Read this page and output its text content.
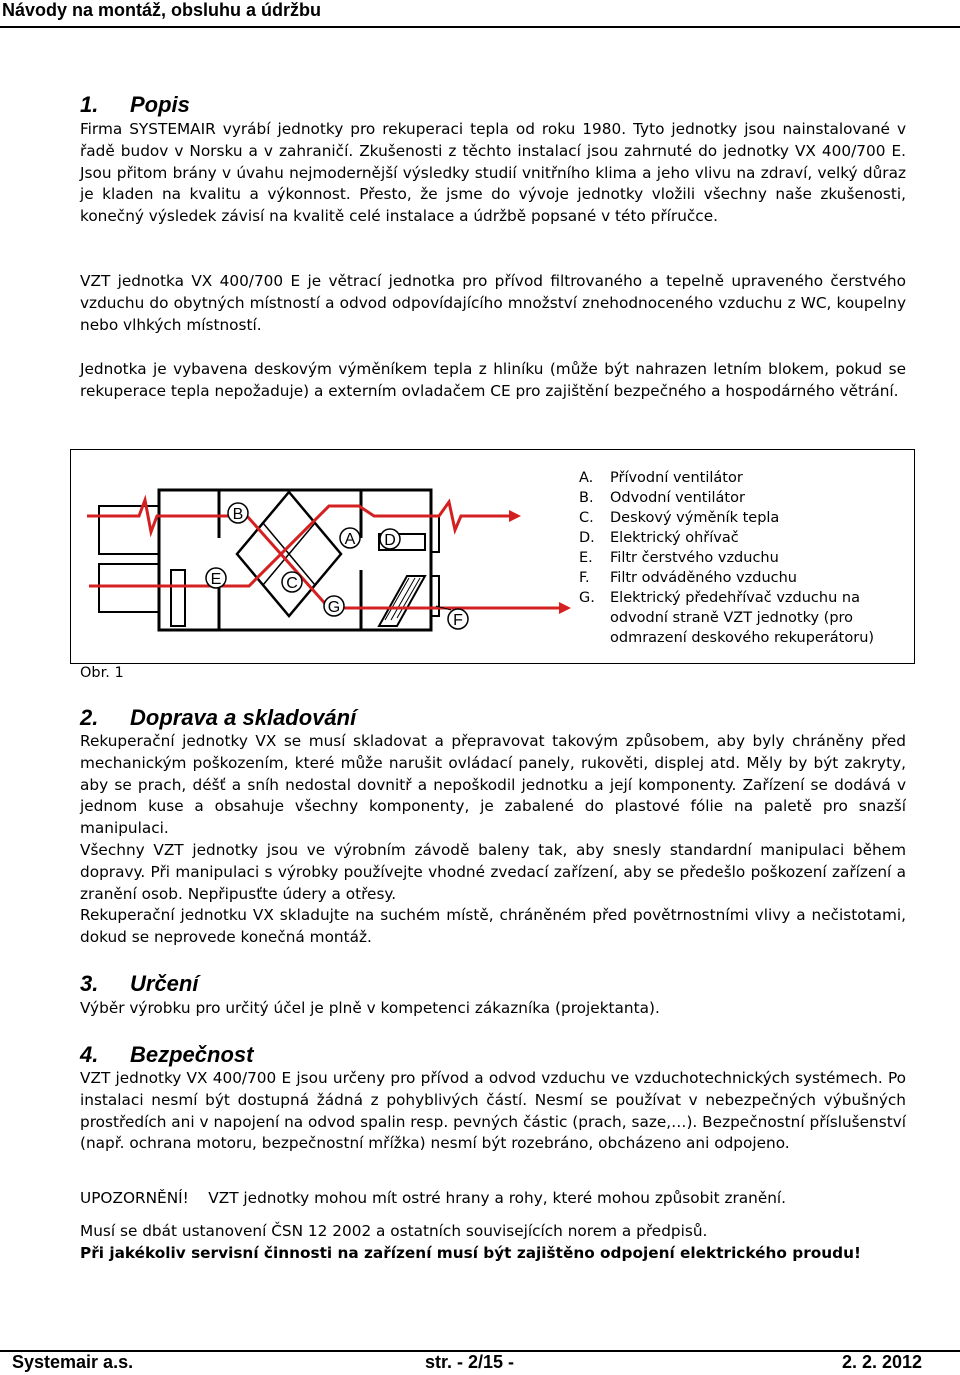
Návody na montáž, obsluhu a údržbu
1. Popis

Firma SYSTEMAIR vyrábí jednotky pro rekuperaci tepla od roku 1980. Tyto jednotky jsou nainstalované v řadě budov v Norsku a v zahraničí. Zkušenosti z těchto instalací jsou zahrnuté do jednotky VX 400/700 E. Jsou přitom brány v úvahu nejmodernější výsledky studií vnitřního klima a jeho vlivu na zdraví, velký důraz je kladen na kvalitu a výkonnost. Přesto, že jsme do vývoje jednotky vložili všechny naše zkušenosti, konečný výsledek závisí na kvalitě celé instalace a údržbě popsané v této příručce.

VZT jednotka VX 400/700 E je větrací jednotka pro přívod filtrovaného a tepelně upraveného čerstvého vzduchu do obytných místností a odvod odpovídajícího množství znehodnoceného vzduchu z WC, koupelny nebo vlhkých místností.

Jednotka je vybavena deskovým výměníkem tepla z hliníku (může být nahrazen letním blokem, pokud se rekuperace tepla nepožaduje) a externím ovladačem CE pro zajištění bezpečného a hospodárného větrání.

B
A D
E	C
G
F
A.	Přívodní ventilátor
B.	Odvodní ventilátor
C.	Deskový výměník tepla
D.	Elektrický ohřívač
E.	Filtr čerstvého vzduchu
F.	Filtr odváděného vzduchu
G.	Elektrický předehřívač vzduchu na odvodní straně VZT jednotky (pro odmrazení deskového rekuperátoru)
Obr. 1
2. Doprava a skladování

Rekuperační jednotky VX se musí skladovat a přepravovat takovým způsobem, aby byly chráněny před mechanickým poškozením, které může narušit ovládací panely, rukověti, displej atd. Měly by být zakryty, aby se prach, déšť a sníh nedostal dovnitř a nepoškodil jednotku a její komponenty. Zařízení se dodává v jednom kuse a obsahuje všechny komponenty, je zabalené do plastové fólie na paletě pro snazší manipulaci.

Všechny VZT jednotky jsou ve výrobním závodě baleny tak, aby snesly standardní manipulaci během dopravy. Při manipulaci s výrobky používejte vhodné zvedací zařízení, aby se předešlo poškození zařízení a zranění osob. Nepřipusťte údery a otřesy.

Rekuperační jednotku VX skladujte na suchém místě, chráněném před povětrnostními vlivy a nečistotami, dokud se neprovede konečná montáž.

3. Určení

Výběr výrobku pro určitý účel je plně v kompetenci zákazníka (projektanta).

4. Bezpečnost

VZT jednotky VX 400/700 E jsou určeny pro přívod a odvod vzduchu ve vzduchotechnických systémech. Po instalaci nesmí být dostupná žádná z pohyblivých částí. Nesmí se používat v nebezpečných výbušných prostředích ani v napojení na odvod spalin resp. pevných částic (prach, saze,…). Bezpečnostní příslušenství (např. ochrana motoru, bezpečnostní mřížka) nesmí být rozebráno, obcházeno ani odpojeno.

UPOZORNĚNÍ! VZT jednotky mohou mít ostré hrany a rohy, které mohou způsobit zranění.

Musí se dbát ustanovení ČSN 12 2002 a ostatních souvisejících norem a předpisů.

Při jakékoliv servisní činnosti na zařízení musí být zajištěno odpojení elektrického proudu!

Systemair a.s.	str. - 2/15 -	2. 2. 2012
